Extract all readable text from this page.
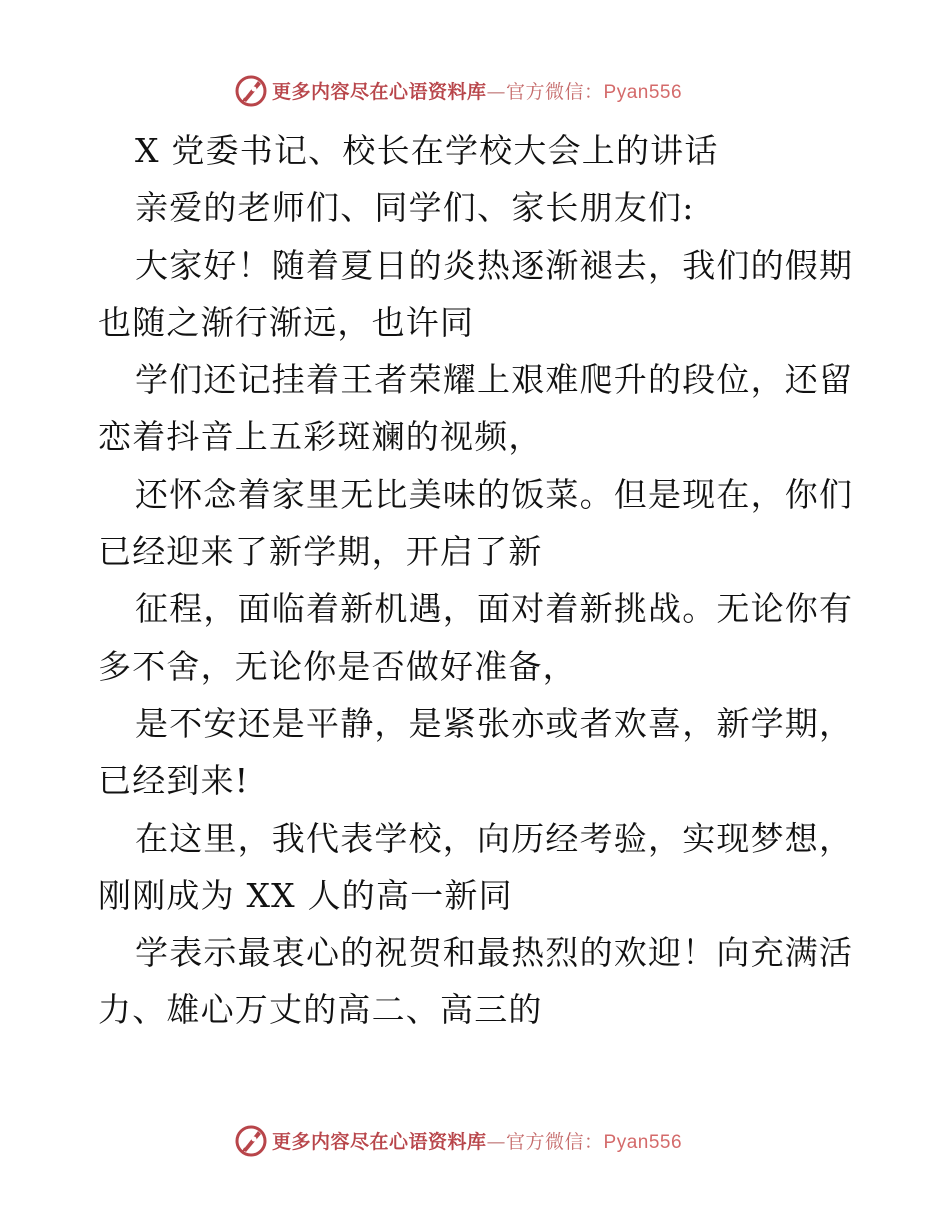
更多内容尽在心语资料库—官方微信：Pyan556
X 党委书记、校长在学校大会上的讲话
亲爱的老师们、同学们、家长朋友们:
大家好！随着夏日的炎热逐渐褪去，我们的假期
也随之渐行渐远，也许同
学们还记挂着王者荣耀上艰难爬升的段位，还留
恋着抖音上五彩斑斓的视频，
还怀念着家里无比美味的饭菜。但是现在，你们
已经迎来了新学期，开启了新
征程，面临着新机遇，面对着新挑战。无论你有
多不舍，无论你是否做好准备，
是不安还是平静，是紧张亦或者欢喜，新学期，
已经到来!
在这里，我代表学校，向历经考验，实现梦想，
刚刚成为 XX 人的高一新同
学表示最衷心的祝贺和最热烈的欢迎！向充满活
力、雄心万丈的高二、高三的
更多内容尽在心语资料库—官方微信：Pyan556
